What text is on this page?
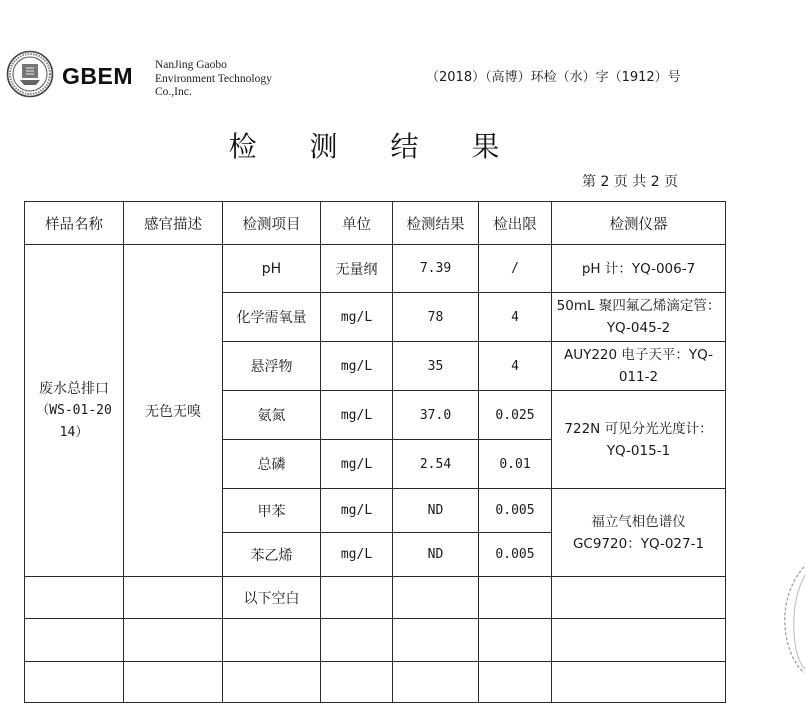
GBEM NanJing Gaobo
Environment Technology
Co.,Inc.
（2018）（高博）环检（水）字（1912）号
检 测 结 果
第 2 页 共 2 页
样品名称	感官描述	检测项目	单位	检测结果	检出限	检测仪器

废水总排口
（WS-01-20
14）	无色无嗅	pH	无量纲	7.39	/	pH 计：YQ-006-7
		化学需氧量	mg/L	78	4	50mL 聚四氟乙烯滴定管：YQ-045-2
		悬浮物	mg/L	35	4	AUY220 电子天平：YQ-011-2
		氨氮	mg/L	37.0	0.025	722N 可见分光光度计：YQ-015-1
		总磷	mg/L	2.54	0.01	
		甲苯	mg/L	ND	0.005	福立气相色谱仪 GC9720：YQ-027-1
		苯乙烯	mg/L	ND	0.005	
		以下空白				
